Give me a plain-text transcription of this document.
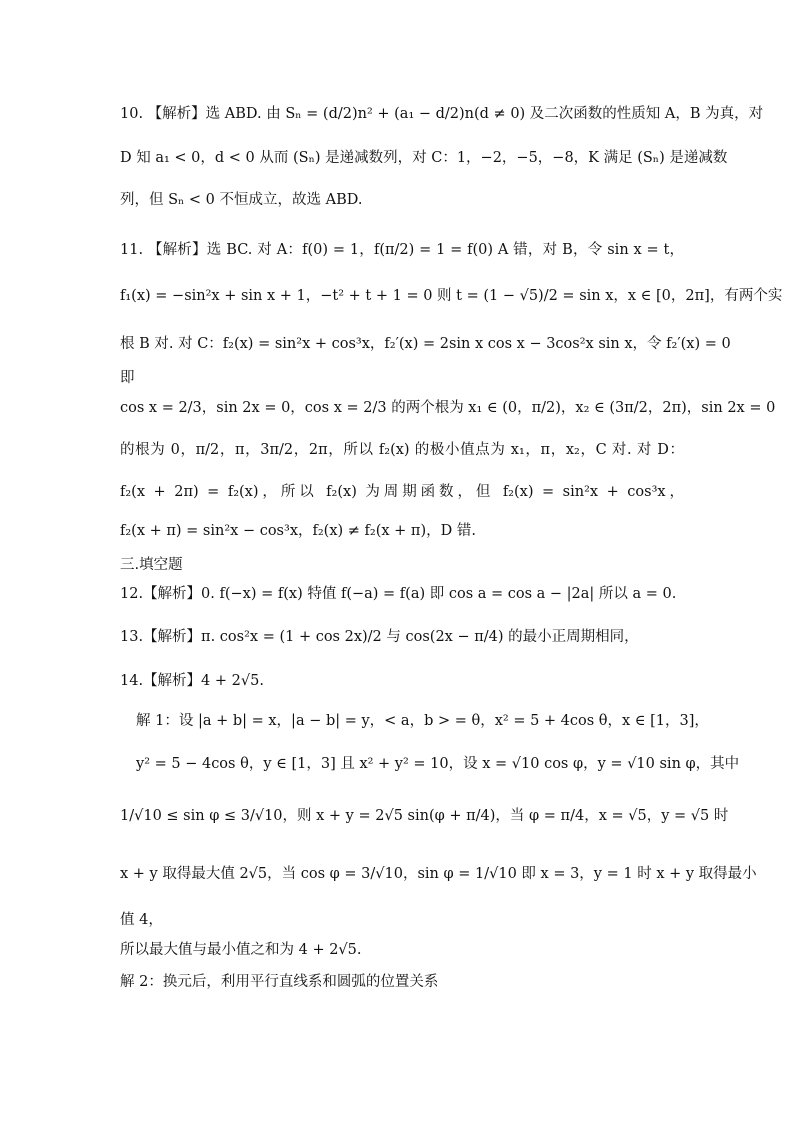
10. 【解析】选 ABD. 由 Sₙ = (d/2)n² + (a₁ − d/2)n(d ≠ 0) 及二次函数的性质知 A，B 为真，对
D 知 a₁ < 0，d < 0 从而 (Sₙ) 是递减数列，对 C：1，−2，−5，−8，K 满足 (Sₙ) 是递减数
列，但 Sₙ < 0 不恒成立，故选 ABD.
11. 【解析】选 BC. 对 A：f(0) = 1，f(π/2) = 1 = f(0) A 错，对 B，令 sin x = t，
f₁(x) = −sin²x + sin x + 1，−t² + t + 1 = 0 则 t = (1 − √5)/2 = sin x，x ∈ [0，2π]，有两个实
根 B 对. 对 C：f₂(x) = sin²x + cos³x，f₂′(x) = 2sin x cos x − 3cos²x sin x，令 f₂′(x) = 0
即
cos x = 2/3，sin 2x = 0，cos x = 2/3 的两个根为 x₁ ∈ (0，π/2)，x₂ ∈ (3π/2，2π)，sin 2x = 0
的根为 0，π/2，π，3π/2，2π，所以 f₂(x) 的极小值点为 x₁，π，x₂，C 对. 对 D：
f₂(x + 2π) = f₂(x)，所以 f₂(x) 为周期函数，但 f₂(x) = sin²x + cos³x，
f₂(x + π) = sin²x − cos³x，f₂(x) ≠ f₂(x + π)，D 错.
三.填空题
12.【解析】0. f(−x) = f(x) 特值 f(−a) = f(a) 即 cos a = cos a − |2a| 所以 a = 0.
13.【解析】π. cos²x = (1 + cos 2x)/2 与 cos(2x − π/4) 的最小正周期相同，
14.【解析】4 + 2√5.
解 1：设 |a + b| = x，|a − b| = y，< a，b > = θ，x² = 5 + 4cos θ，x ∈ [1，3]，
y² = 5 − 4cos θ，y ∈ [1，3] 且 x² + y² = 10，设 x = √10 cos φ，y = √10 sin φ，其中
1/√10 ≤ sin φ ≤ 3/√10，则 x + y = 2√5 sin(φ + π/4)，当 φ = π/4，x = √5，y = √5 时
x + y 取得最大值 2√5，当 cos φ = 3/√10，sin φ = 1/√10 即 x = 3，y = 1 时 x + y 取得最小
值 4，
所以最大值与最小值之和为 4 + 2√5.
解 2：换元后，利用平行直线系和圆弧的位置关系
